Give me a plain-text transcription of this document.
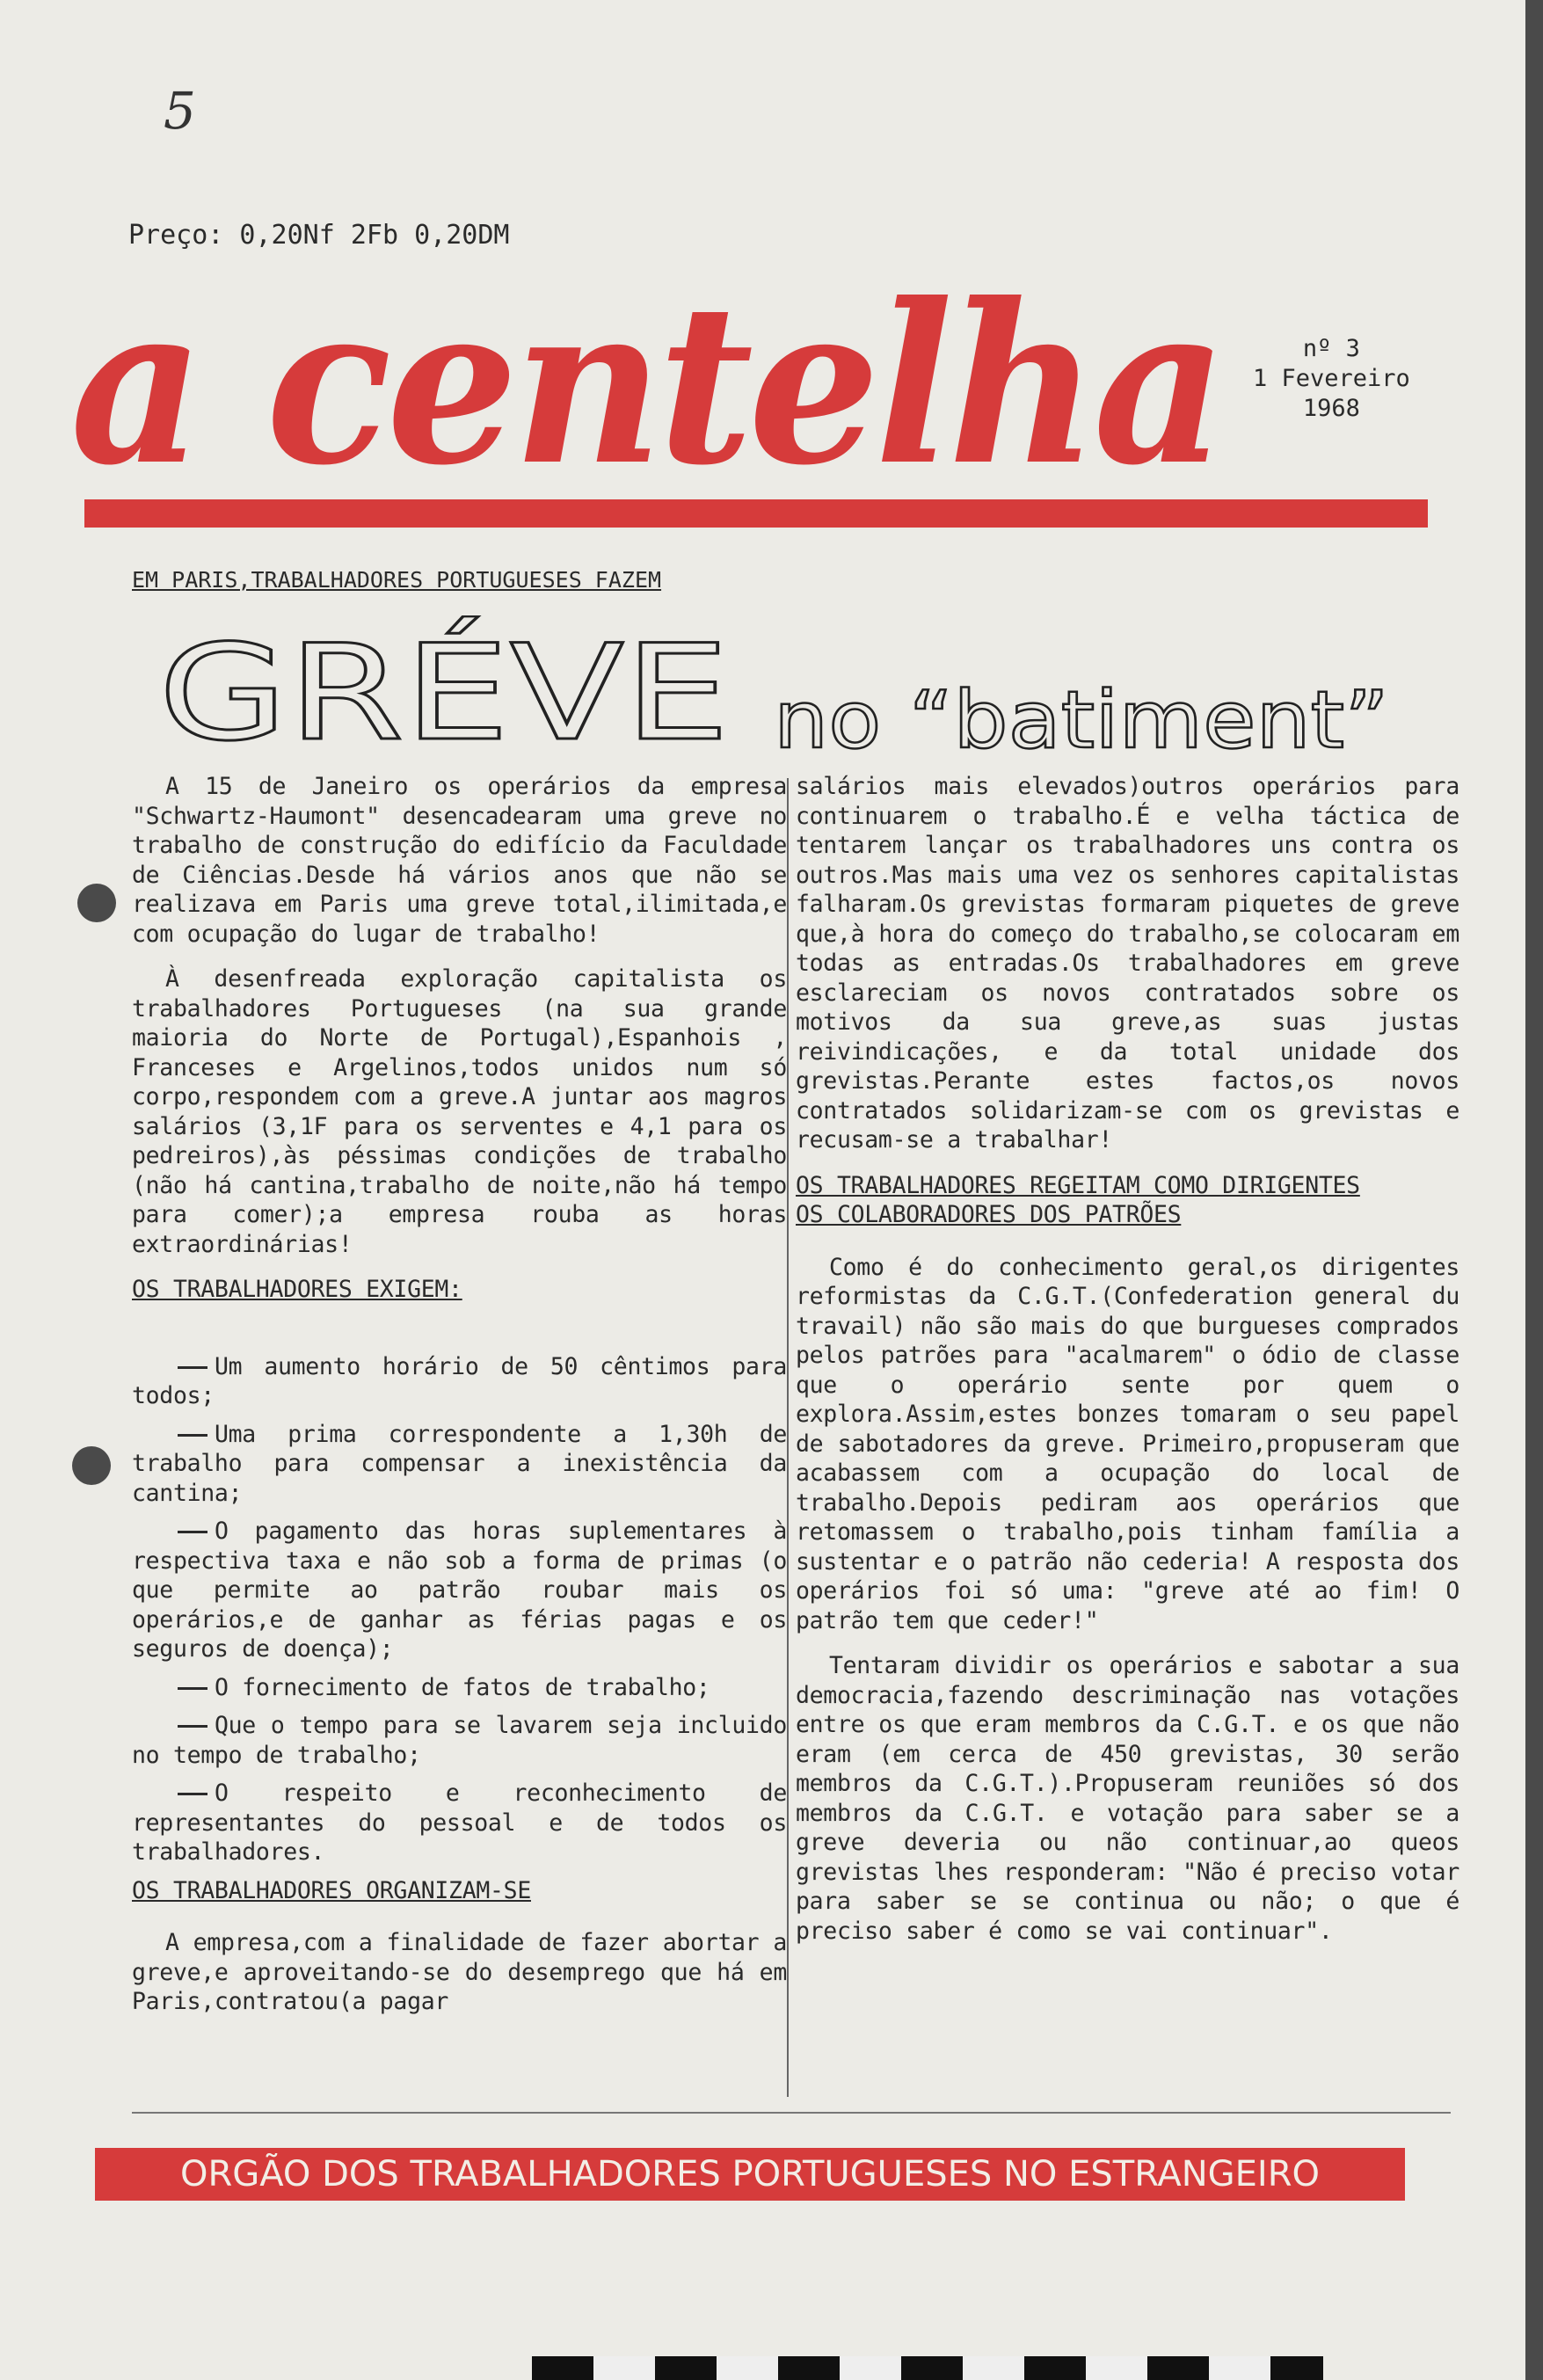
5
Preço: 0,20Nf 2Fb 0,20DM
a centelha	nº 3
1 Fevereiro
1968
EM PARIS,TRABALHADORES PORTUGUESES FAZEM
GRÉVE	no “batiment”

A 15 de Janeiro os operários da empresa "Schwartz-Haumont" desencadearam uma greve no trabalho de construção do edifício da Faculdade de Ciências.Desde há vários anos que não se realizava em Paris uma greve total,ilimitada,e com ocupação do lugar de trabalho!

À desenfreada exploração capitalista os trabalhadores Portugueses (na sua grande maioria do Norte de Portugal),Espanhois , Franceses e Argelinos,todos unidos num só corpo,respondem com a greve.A juntar aos magros salários (3,1F para os serventes e 4,1 para os pedreiros),às péssimas condições de trabalho (não há cantina,trabalho de noite,não há tempo para comer);a empresa rouba as horas extraordinárias!

OS TRABALHADORES EXIGEM:

Um aumento horário de 50 cêntimos para todos;

Uma prima correspondente a 1,30h de trabalho para compensar a inexistência da cantina;

O pagamento das horas suplementares à respectiva taxa e não sob a forma de primas (o que permite ao patrão roubar mais os operários,e de ganhar as férias pagas e os seguros de doença);

O fornecimento de fatos de trabalho;

Que o tempo para se lavarem seja incluido no tempo de trabalho;

O respeito e reconhecimento de representantes do pessoal e de todos os trabalhadores.

OS TRABALHADORES ORGANIZAM-SE

A empresa,com a finalidade de fazer abortar a greve,e aproveitando-se do desemprego que há em Paris,contratou(a pagar

salários mais elevados)outros operários para continuarem o trabalho.É e velha táctica de tentarem lançar os trabalhadores uns contra os outros.Mas mais uma vez os senhores capitalistas falharam.Os grevistas formaram piquetes de greve que,à hora do começo do trabalho,se colocaram em todas as entradas.Os trabalhadores em greve esclareciam os novos contratados sobre os motivos da sua greve,as suas justas reivindicações, e da total unidade dos grevistas.Perante estes factos,os novos contratados solidarizam-se com os grevistas e recusam-se a trabalhar!

OS TRABALHADORES REGEITAM COMO DIRIGENTES
OS COLABORADORES DOS PATRÕES

Como é do conhecimento geral,os dirigentes reformistas da C.G.T.(Confederation general du travail) não são mais do que burgueses comprados pelos patrões para "acalmarem" o ódio de classe que o operário sente por quem o explora.Assim,estes bonzes tomaram o seu papel de sabotadores da greve. Primeiro,propuseram que acabassem com a ocupação do local de trabalho.Depois pediram aos operários que retomassem o trabalho,pois tinham família a sustentar e o patrão não cederia! A resposta dos operários foi só uma: "greve até ao fim! O patrão tem que ceder!"

Tentaram dividir os operários e sabotar a sua democracia,fazendo descriminação nas votações entre os que eram membros da C.G.T. e os que não eram (em cerca de 450 grevistas, 30 serão membros da C.G.T.).Propuseram reuniões só dos membros da C.G.T. e votação para saber se a greve deveria ou não continuar,ao queos grevistas lhes responderam: "Não é preciso votar para saber se se continua ou não; o que é preciso saber é como se vai continuar".

ORGÃO DOS TRABALHADORES PORTUGUESES NO ESTRANGEIRO
